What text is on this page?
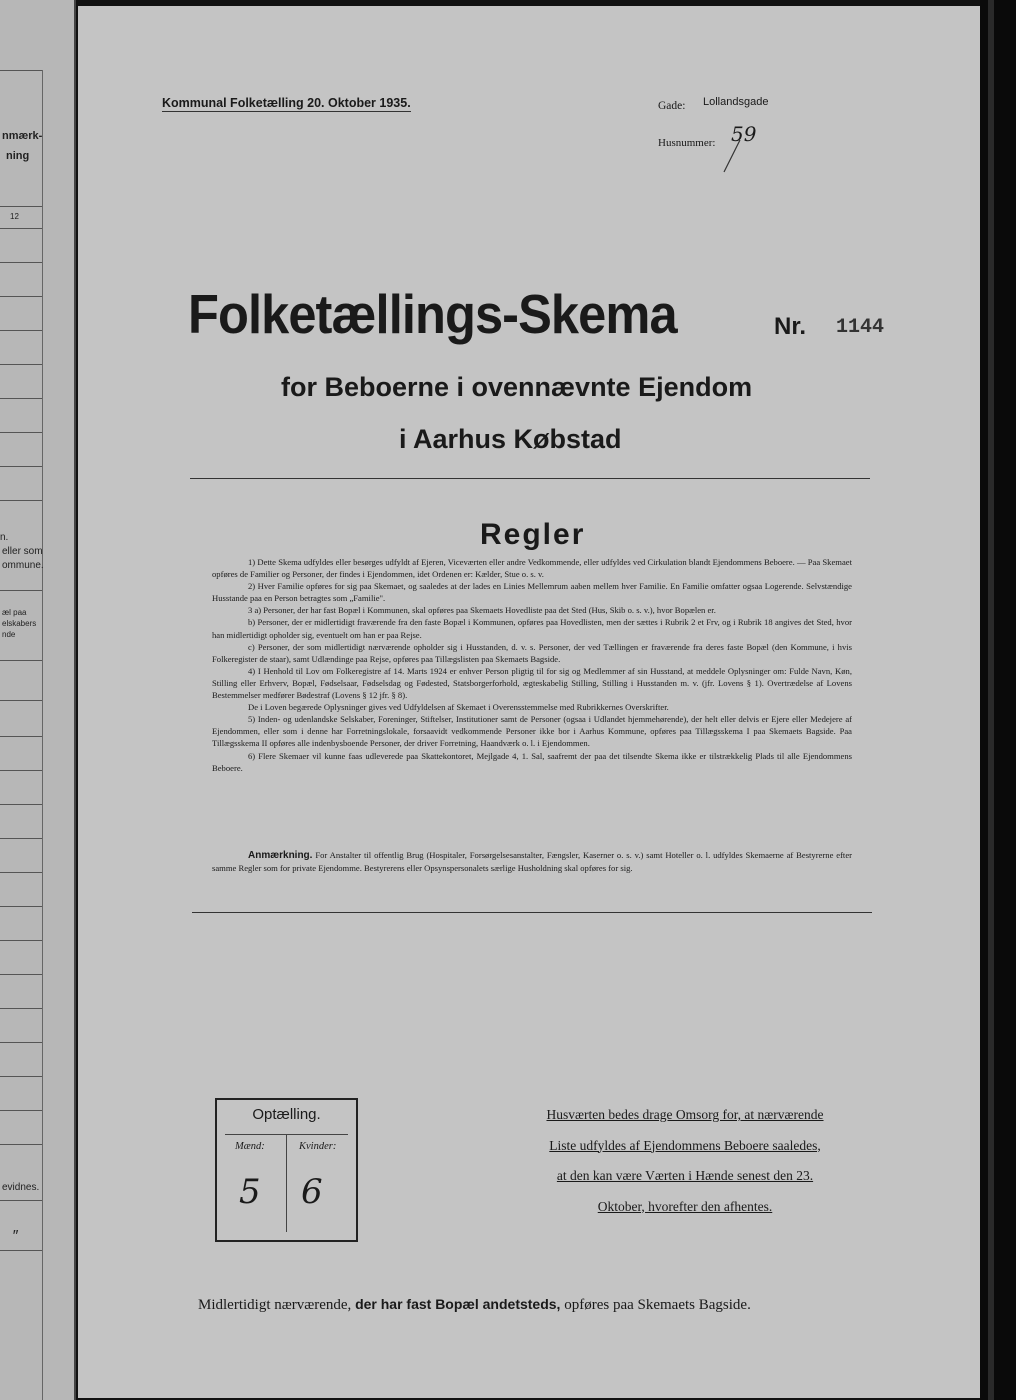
nmærk-
ning
12
n.
eller som
ommune.
æl paa
elskabers
nde
evidnes.
″
Kommunal Folketælling 20. Oktober 1935.	Gade: Lollandsgade
Husnummer: 59
Folketællings-Skema	Nr. 1144
for Beboerne i ovennævnte Ejendom
i Aarhus Købstad
Regler

1) Dette Skema udfyldes eller besørges udfyldt af Ejeren, Viceværten eller andre Vedkommende, eller udfyldes ved Cirkulation blandt Ejendommens Beboere. — Paa Skemaet opføres de Familier og Personer, der findes i Ejendommen, idet Ordenen er: Kælder, Stue o. s. v.

2) Hver Familie opføres for sig paa Skemaet, og saaledes at der lades en Linies Mellemrum aaben mellem hver Familie. En Familie omfatter ogsaa Logerende. Selvstændige Husstande paa en Person betragtes som „Familie".

3 a) Personer, der har fast Bopæl i Kommunen, skal opføres paa Skemaets Hovedliste paa det Sted (Hus, Skib o. s. v.), hvor Bopælen er.

b) Personer, der er midlertidigt fraværende fra den faste Bopæl i Kommunen, opføres paa Hovedlisten, men der sættes i Rubrik 2 et Frv, og i Rubrik 18 angives det Sted, hvor han midlertidigt opholder sig, eventuelt om han er paa Rejse.

c) Personer, der som midlertidigt nærværende opholder sig i Husstanden, d. v. s. Personer, der ved Tællingen er fraværende fra deres faste Bopæl (den Kommune, i hvis Folkeregister de staar), samt Udlændinge paa Rejse, opføres paa Tillægslisten paa Skemaets Bagside.

4) I Henhold til Lov om Folkeregistre af 14. Marts 1924 er enhver Person pligtig til for sig og Medlemmer af sin Husstand, at meddele Oplysninger om: Fulde Navn, Køn, Stilling eller Erhverv, Bopæl, Fødselsaar, Fødselsdag og Fødested, Statsborgerforhold, ægteskabelig Stilling, Stilling i Husstanden m. v. (jfr. Lovens § 1). Overtrædelse af Lovens Bestemmelser medfører Bødestraf (Lovens § 12 jfr. § 8).

De i Loven begærede Oplysninger gives ved Udfyldelsen af Skemaet i Overensstemmelse med Rubrikkernes Overskrifter.

5) Inden- og udenlandske Selskaber, Foreninger, Stiftelser, Institutioner samt de Personer (ogsaa i Udlandet hjemmehørende), der helt eller delvis er Ejere eller Medejere af Ejendommen, eller som i denne har Forretningslokale, forsaavidt vedkommende Personer ikke bor i Aarhus Kommune, opføres paa Tillægsskema I paa Skemaets Bagside. Paa Tillægsskema II opføres alle indenbysboende Personer, der driver Forretning, Haandværk o. l. i Ejendommen.

6) Flere Skemaer vil kunne faas udleverede paa Skattekontoret, Mejlgade 4, 1. Sal, saafremt der paa det tilsendte Skema ikke er tilstrækkelig Plads til alle Ejendommens Beboere.

Anmærkning. For Anstalter til offentlig Brug (Hospitaler, Forsørgelsesanstalter, Fængsler, Kaserner o. s. v.) samt Hoteller o. l. udfyldes Skemaerne af Bestyrerne efter samme Regler som for private Ejendomme. Bestyrerens eller Opsynspersonalets særlige Husholdning skal opføres for sig.

Optælling.
Mænd:	Kvinder:
5 6
Husværten bedes drage Omsorg for, at nærværende
Liste udfyldes af Ejendommens Beboere saaledes,
at den kan være Værten i Hænde senest den 23.
Oktober, hvorefter den afhentes.
Midlertidigt nærværende, der har fast Bopæl andetsteds, opføres paa Skemaets Bagside.
